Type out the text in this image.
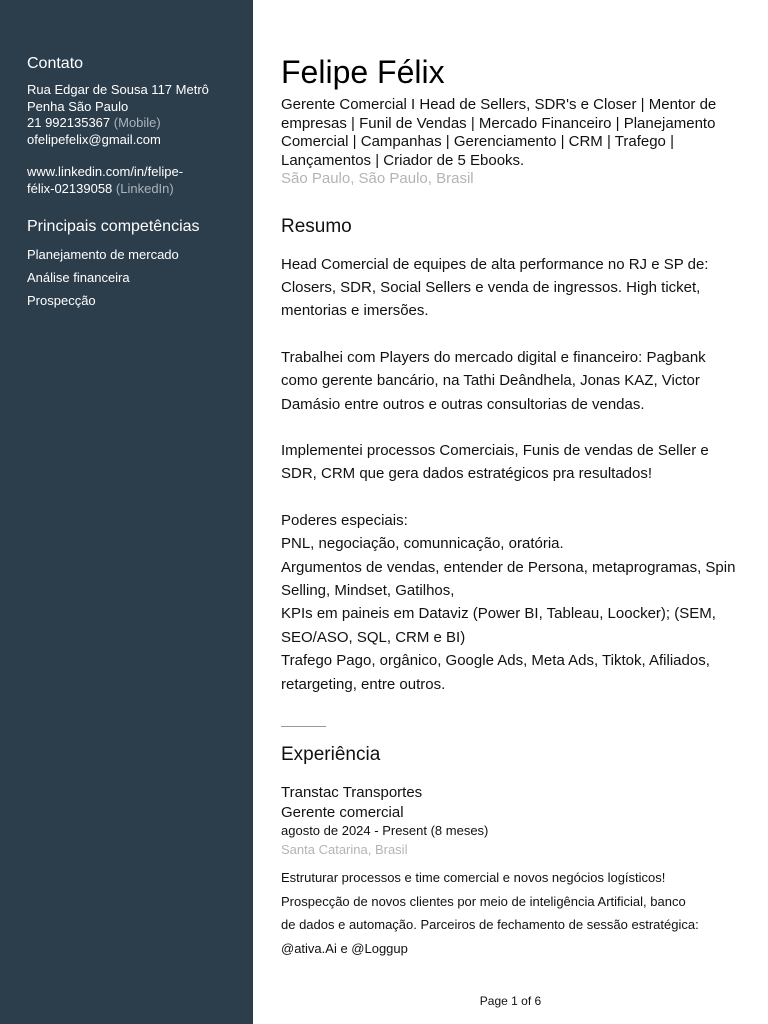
Contato
Rua Edgar de Sousa 117 Metrô
Penha São Paulo
21 992135367 (Mobile)
ofelipefelix@gmail.com
www.linkedin.com/in/felipe-
félix-02139058 (LinkedIn)
Principais competências
Planejamento de mercado
Análise financeira
Prospecção
Felipe Félix
Gerente Comercial I Head de Sellers, SDR's e Closer | Mentor de empresas | Funil de Vendas | Mercado Financeiro | Planejamento Comercial | Campanhas | Gerenciamento | CRM | Trafego | Lançamentos | Criador de 5 Ebooks.
São Paulo, São Paulo, Brasil
Resumo

Head Comercial de equipes de alta performance no RJ e SP de: Closers, SDR, Social Sellers e venda de ingressos. High ticket, mentorias e imersões.

Trabalhei com Players do mercado digital e financeiro: Pagbank como gerente bancário, na Tathi Deândhela, Jonas KAZ, Victor Damásio entre outros e outras consultorias de vendas.

Implementei processos Comerciais, Funis de vendas de Seller e SDR, CRM que gera dados estratégicos pra resultados!

Poderes especiais:
PNL, negociação, comunnicação, oratória.
Argumentos de vendas, entender de Persona, metaprogramas, Spin Selling, Mindset, Gatilhos,
KPIs em paineis em Dataviz (Power BI, Tableau, Loocker); (SEM, SEO/ASO, SQL, CRM e BI)
Trafego Pago, orgânico, Google Ads, Meta Ads, Tiktok, Afiliados, retargeting, entre outros.

Experiência
Transtac Transportes
Gerente comercial
agosto de 2024 - Present (8 meses)
Santa Catarina, Brasil
Estruturar processos e time comercial e novos negócios logísticos!
Prospecção de novos clientes por meio de inteligência Artificial, banco
de dados e automação. Parceiros de fechamento de sessão estratégica:
@ativa.Ai e @Loggup
Page 1 of 6
